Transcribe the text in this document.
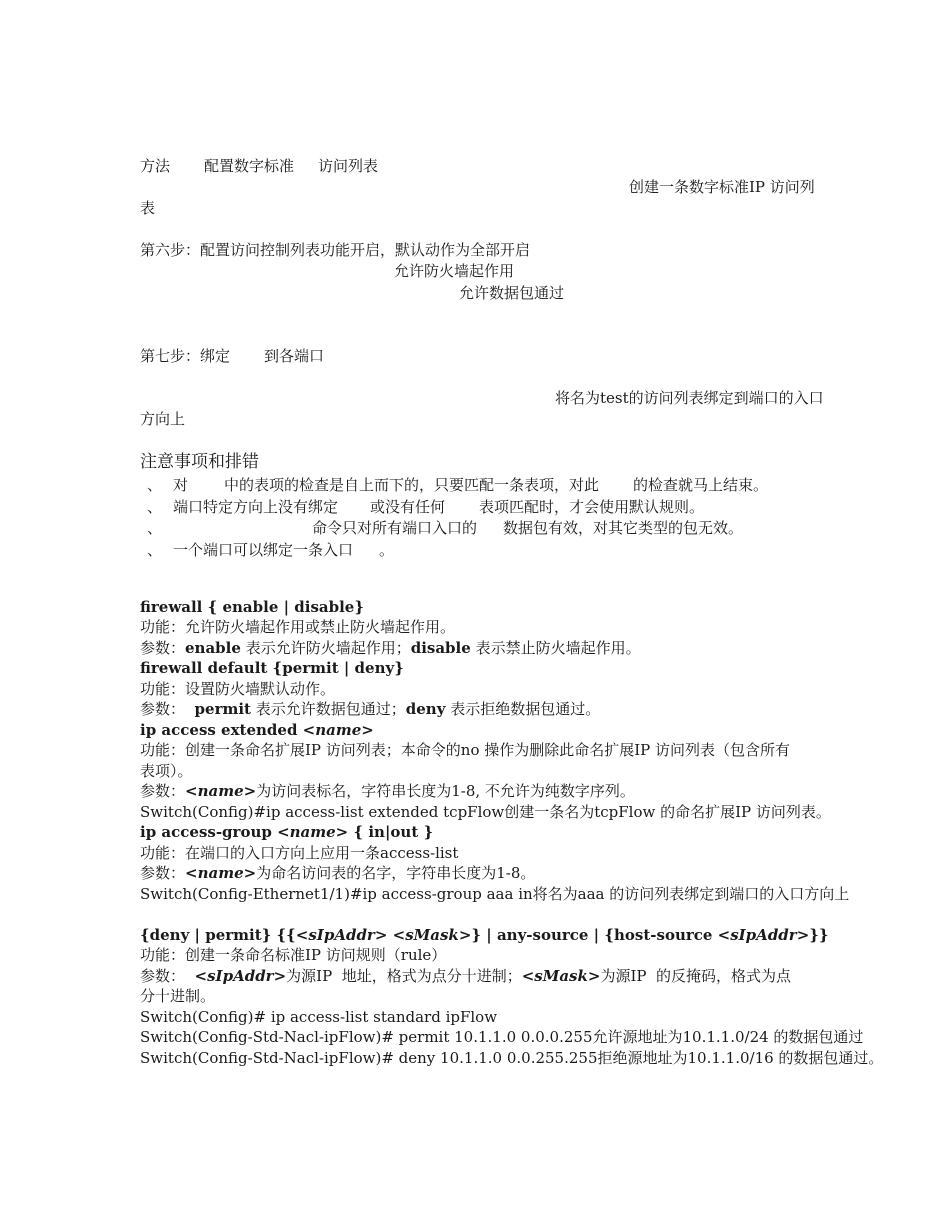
方法 配置数字标准 访问列表
创建一条数字标准IP 访问列
表
第六步：配置访问控制列表功能开启，默认动作为全部开启
允许防火墙起作用
允许数据包通过
第七步：绑定 到各端口
将名为test的访问列表绑定到端口的入口
方向上
注意事项和排错
、 对 中的表项的检查是自上而下的，只要匹配一条表项，对此 的检查就马上结束。
、 端口特定方向上没有绑定 或没有任何 表项匹配时，才会使用默认规则。
、	命令只对所有端口入口的 数据包有效，对其它类型的包无效。
、 一个端口可以绑定一条入口 。
firewall { enable | disable}
功能：允许防火墙起作用或禁止防火墙起作用。
参数：enable 表示允许防火墙起作用；disable 表示禁止防火墙起作用。
firewall default {permit | deny}
功能：设置防火墙默认动作。
参数：  permit 表示允许数据包通过；deny 表示拒绝数据包通过。
ip access extended <name>
功能：创建一条命名扩展IP 访问列表；本命令的no 操作为删除此命名扩展IP 访问列表（包含所有
表项）。
参数：<name>为访问表标名，字符串长度为1-8, 不允许为纯数字序列。
Switch(Config)#ip access-list extended tcpFlow创建一条名为tcpFlow 的命名扩展IP 访问列表。
ip access-group <name> { in|out }
功能：在端口的入口方向上应用一条access-list
参数：<name>为命名访问表的名字，字符串长度为1-8。
Switch(Config-Ethernet1/1)#ip access-group aaa in将名为aaa 的访问列表绑定到端口的入口方向上
{deny | permit} {{<sIpAddr> <sMask>} | any-source | {host-source <sIpAddr>}}
功能：创建一条命名标准IP 访问规则（rule）
参数：  <sIpAddr>为源IP  地址，格式为点分十进制；<sMask>为源IP  的反掩码，格式为点
分十进制。
Switch(Config)# ip access-list standard ipFlow
Switch(Config-Std-Nacl-ipFlow)# permit 10.1.1.0 0.0.0.255允许源地址为10.1.1.0/24 的数据包通过
Switch(Config-Std-Nacl-ipFlow)# deny 10.1.1.0 0.0.255.255拒绝源地址为10.1.1.0/16 的数据包通过。
